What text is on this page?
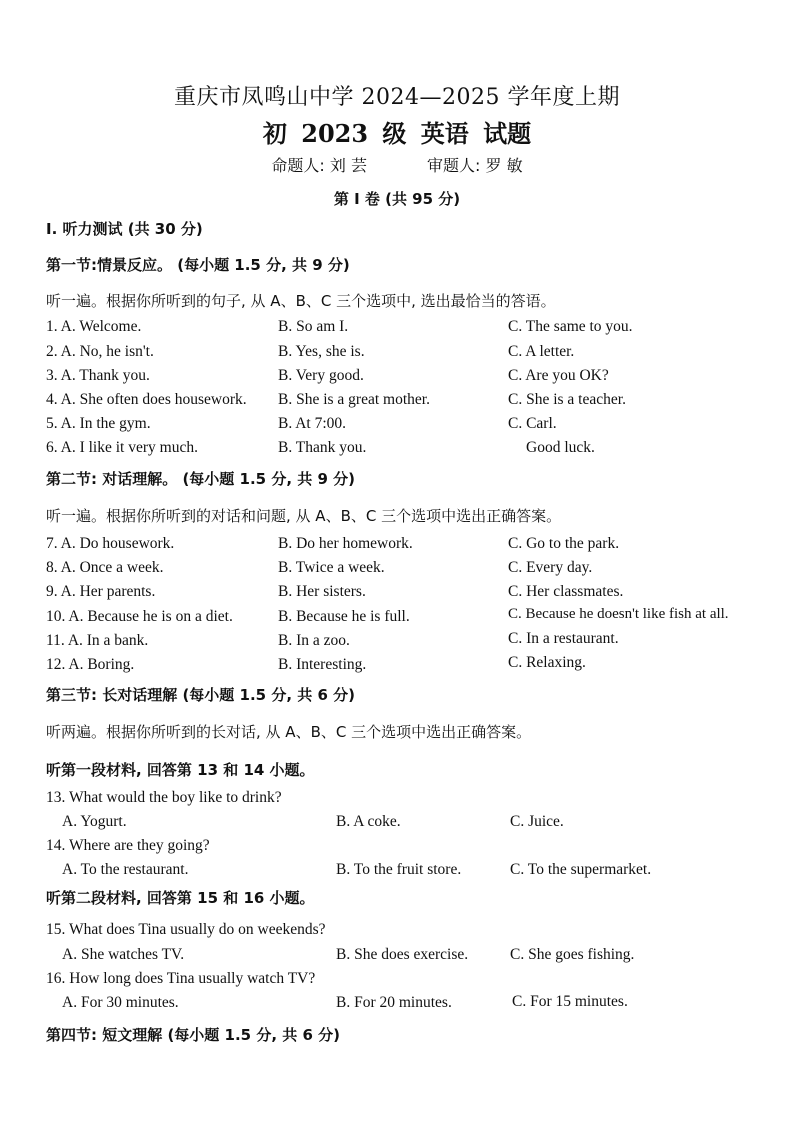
重庆市凤鸣山中学 2024—2025 学年度上期
初 2023 级 英语 试题
命题人: 刘 芸	审题人: 罗 敏
第 I 卷 (共 95 分)
I. 听力测试 (共 30 分)
第一节:情景反应。 (每小题 1.5 分, 共 9 分)
听一遍。根据你所听到的句子, 从 A、B、C 三个选项中, 选出最恰当的答语。
1. A. Welcome.	B. So am I.	C. The same to you.
2. A. No, he isn't.	B. Yes, she is.	C. A letter.
3. A. Thank you.	B. Very good.	C. Are you OK?
4. A. She often does housework. B. She is a great mother.	C. She is a teacher.
5. A. In the gym.	B. At 7:00.	C. Carl.
6. A. I like it very much.	B. Thank you.	Good luck.
第二节: 对话理解。 (每小题 1.5 分, 共 9 分)
听一遍。根据你所听到的对话和问题, 从 A、B、C 三个选项中选出正确答案。
7. A. Do housework.	B. Do her homework.	C. Go to the park.
8. A. Once a week.	B. Twice a week.	C. Every day.
9. A. Her parents.	B. Her sisters.	C. Her classmates.
10. A. Because he is on a diet.	B. Because he is full.	C. Because he doesn't like fish at all.
11. A. In a bank.	B. In a zoo.	C. In a restaurant.
12. A. Boring.	B. Interesting.	C. Relaxing.
第三节: 长对话理解 (每小题 1.5 分, 共 6 分)
听两遍。根据你所听到的长对话, 从 A、B、C 三个选项中选出正确答案。
听第一段材料, 回答第 13 和 14 小题。
13. What would the boy like to drink?
A. Yogurt.	B. A coke.	C. Juice.
14. Where are they going?
A. To the restaurant.	B. To the fruit store.	C. To the supermarket.
听第二段材料, 回答第 15 和 16 小题。
15. What does Tina usually do on weekends?
A. She watches TV.	B. She does exercise.	C. She goes fishing.
16. How long does Tina usually watch TV?
A. For 30 minutes.	B. For 20 minutes.	C. For 15 minutes.
第四节: 短文理解 (每小题 1.5 分, 共 6 分)
